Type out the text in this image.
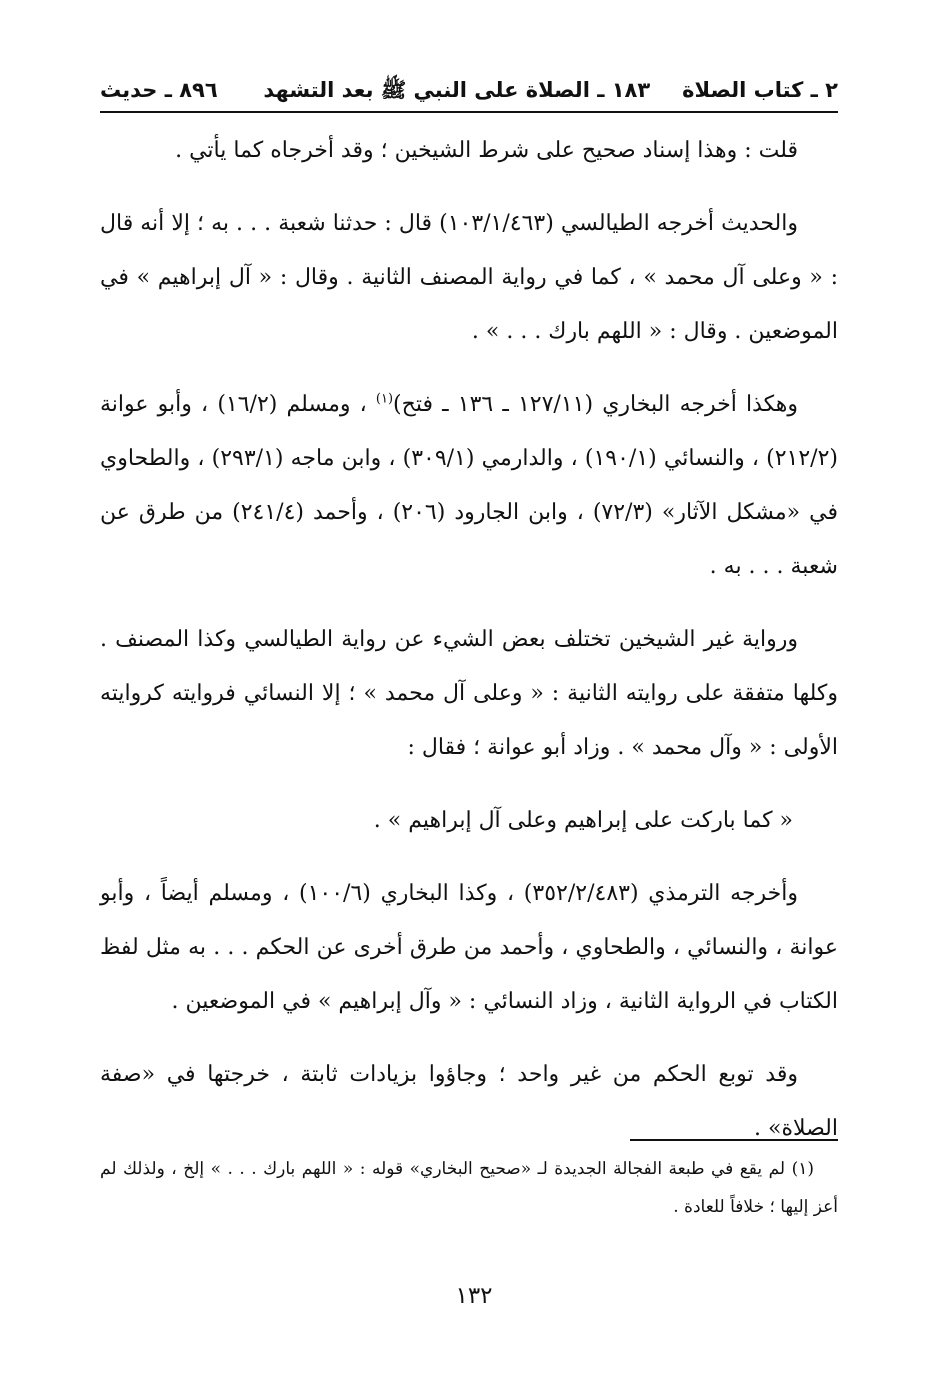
٢ ـ كتاب الصلاة
١٨٣ ـ الصلاة على النبي ﷺ بعد التشهد
٨٩٦ ـ حديث

قلت : وهذا إسناد صحيح على شرط الشيخين ؛ وقد أخرجاه كما يأتي .

والحديث أخرجه الطيالسي (١٠٣/١/٤٦٣) قال : حدثنا شعبة . . . به ؛ إلا أنه قال : « وعلى آل محمد » ، كما في رواية المصنف الثانية . وقال : « آل إبراهيم » في الموضعين . وقال : « اللهم بارك . . . » .

وهكذا أخرجه البخاري (١٢٧/١١ ـ ١٣٦ ـ فتح)$^{(١)}$ ، ومسلم (١٦/٢) ، وأبو عوانة (٢١٢/٢) ، والنسائي (١٩٠/١) ، والدارمي (٣٠٩/١) ، وابن ماجه (٢٩٣/١) ، والطحاوي في «مشكل الآثار» (٧٢/٣) ، وابن الجارود (٢٠٦) ، وأحمد (٢٤١/٤) من طرق عن شعبة . . . به .

ورواية غير الشيخين تختلف بعض الشيء عن رواية الطيالسي وكذا المصنف . وكلها متفقة على روايته الثانية : « وعلى آل محمد » ؛ إلا النسائي فروايته كروايته الأولى : « وآل محمد » . وزاد أبو عوانة ؛ فقال :

« كما باركت على إبراهيم وعلى آل إبراهيم » .

وأخرجه الترمذي (٣٥٢/٢/٤٨٣) ، وكذا البخاري (١٠٠/٦) ، ومسلم أيضاً ، وأبو عوانة ، والنسائي ، والطحاوي ، وأحمد من طرق أخرى عن الحكم . . . به مثل لفظ الكتاب في الرواية الثانية ، وزاد النسائي : « وآل إبراهيم » في الموضعين .

وقد توبع الحكم من غير واحد ؛ وجاؤوا بزيادات ثابتة ، خرجتها في «صفة الصلاة» .

(١) لم يقع في طبعة الفجالة الجديدة لـ «صحيح البخاري» قوله : « اللهم بارك . . . » إلخ ، ولذلك لم أعز إليها ؛ خلافاً للعادة .

١٣٢
